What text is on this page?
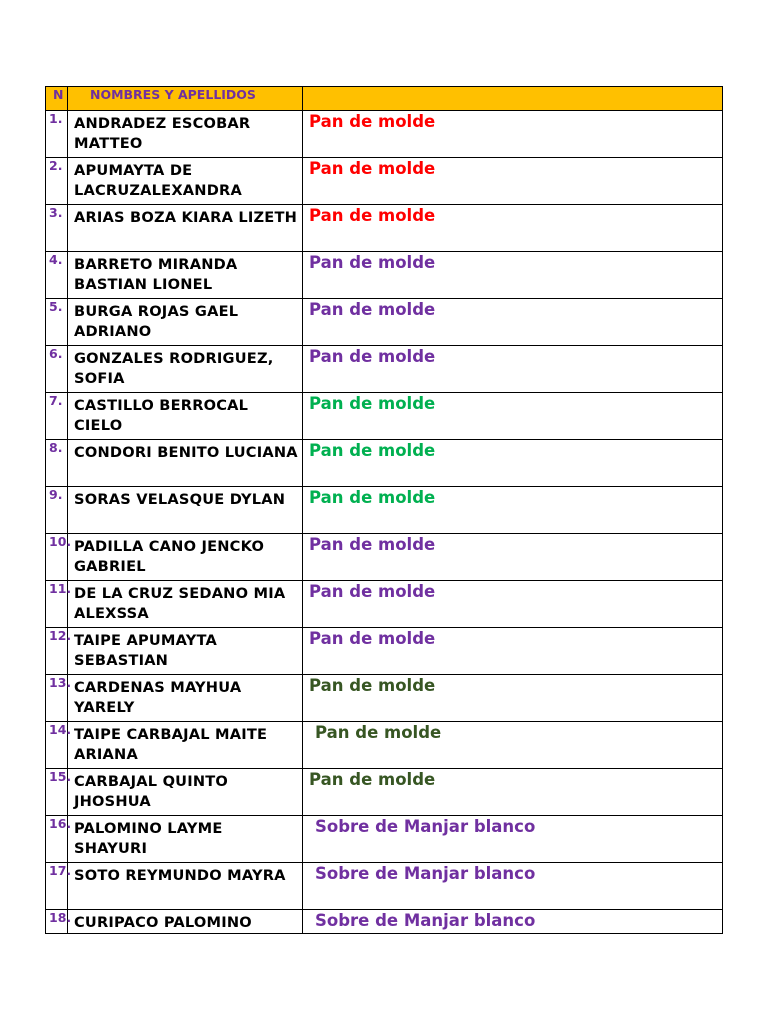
N	NOMBRES Y APELLIDOS	
1.	ANDRADEZ ESCOBAR MATTEO	Pan de molde
2.	APUMAYTA DE LACRUZALEXANDRA	Pan de molde
3.	ARIAS BOZA KIARA LIZETH	Pan de molde
4.	BARRETO MIRANDA BASTIAN LIONEL	Pan de molde
5.	BURGA ROJAS GAEL ADRIANO	Pan de molde
6.	GONZALES RODRIGUEZ, SOFIA	Pan de molde
7.	CASTILLO BERROCAL CIELO	Pan de molde
8.	CONDORI BENITO LUCIANA	Pan de molde
9.	SORAS VELASQUE DYLAN	Pan de molde
10.	PADILLA CANO JENCKO GABRIEL	Pan de molde
11.	DE LA CRUZ SEDANO MIA ALEXSSA	Pan de molde
12.	TAIPE APUMAYTA SEBASTIAN	Pan de molde
13.	CARDENAS MAYHUA YARELY	Pan de molde
14.	TAIPE CARBAJAL MAITE ARIANA	Pan de molde
15.	CARBAJAL QUINTO JHOSHUA	Pan de molde
16.	PALOMINO LAYME SHAYURI	Sobre de Manjar blanco
17.	SOTO REYMUNDO MAYRA	Sobre de Manjar blanco
18.	CURIPACO PALOMINO	Sobre de Manjar blanco
